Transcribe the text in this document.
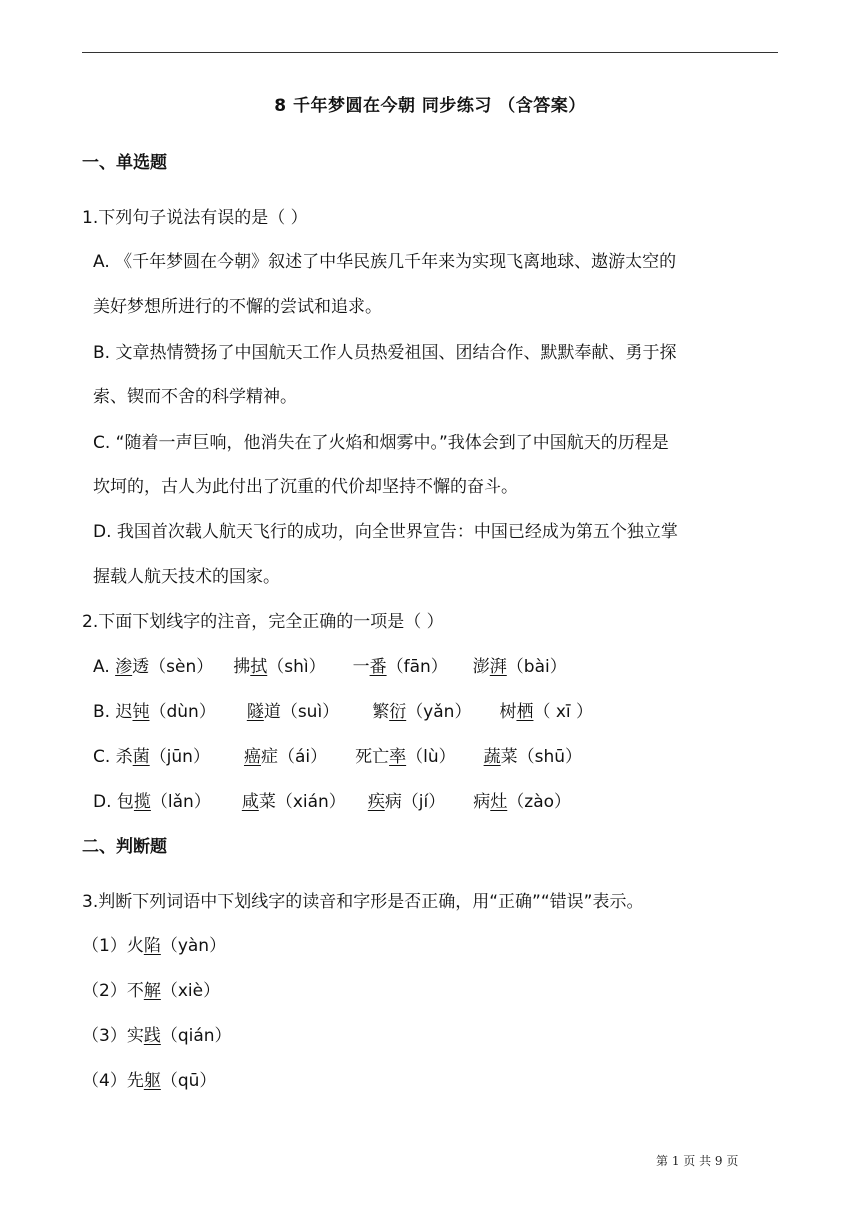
8 千年梦圆在今朝 同步练习 （含答案）
一、单选题
1.下列句子说法有误的是（ ）
A. 《千年梦圆在今朝》叙述了中华民族几千年来为实现飞离地球、遨游太空的
美好梦想所进行的不懈的尝试和追求。
B. 文章热情赞扬了中国航天工作人员热爱祖国、团结合作、默默奉献、勇于探
索、锲而不舍的科学精神。
C. “随着一声巨响，他消失在了火焰和烟雾中。”我体会到了中国航天的历程是
坎坷的，古人为此付出了沉重的代价却坚持不懈的奋斗。
D. 我国首次载人航天飞行的成功，向全世界宣告：中国已经成为第五个独立掌
握载人航天技术的国家。
2.下面下划线字的注音，完全正确的一项是（ ）
A. 渗透（sèn） 拂拭（shì） 一番（fān） 澎湃（bài）
B. 迟钝（dùn） 隧道（suì） 繁衍（yǎn） 树栖（ xī ）
C. 杀菌（jūn） 癌症（ái） 死亡率（lù） 蔬菜（shū）
D. 包揽（lǎn） 咸菜（xián） 疾病（jí） 病灶（zào）
二、判断题
3.判断下列词语中下划线字的读音和字形是否正确，用“正确”“错误”表示。
（1）火陷（yàn）
（2）不解（xiè）
（3）实践（qián）
（4）先躯（qū）
第 1 页 共 9 页
